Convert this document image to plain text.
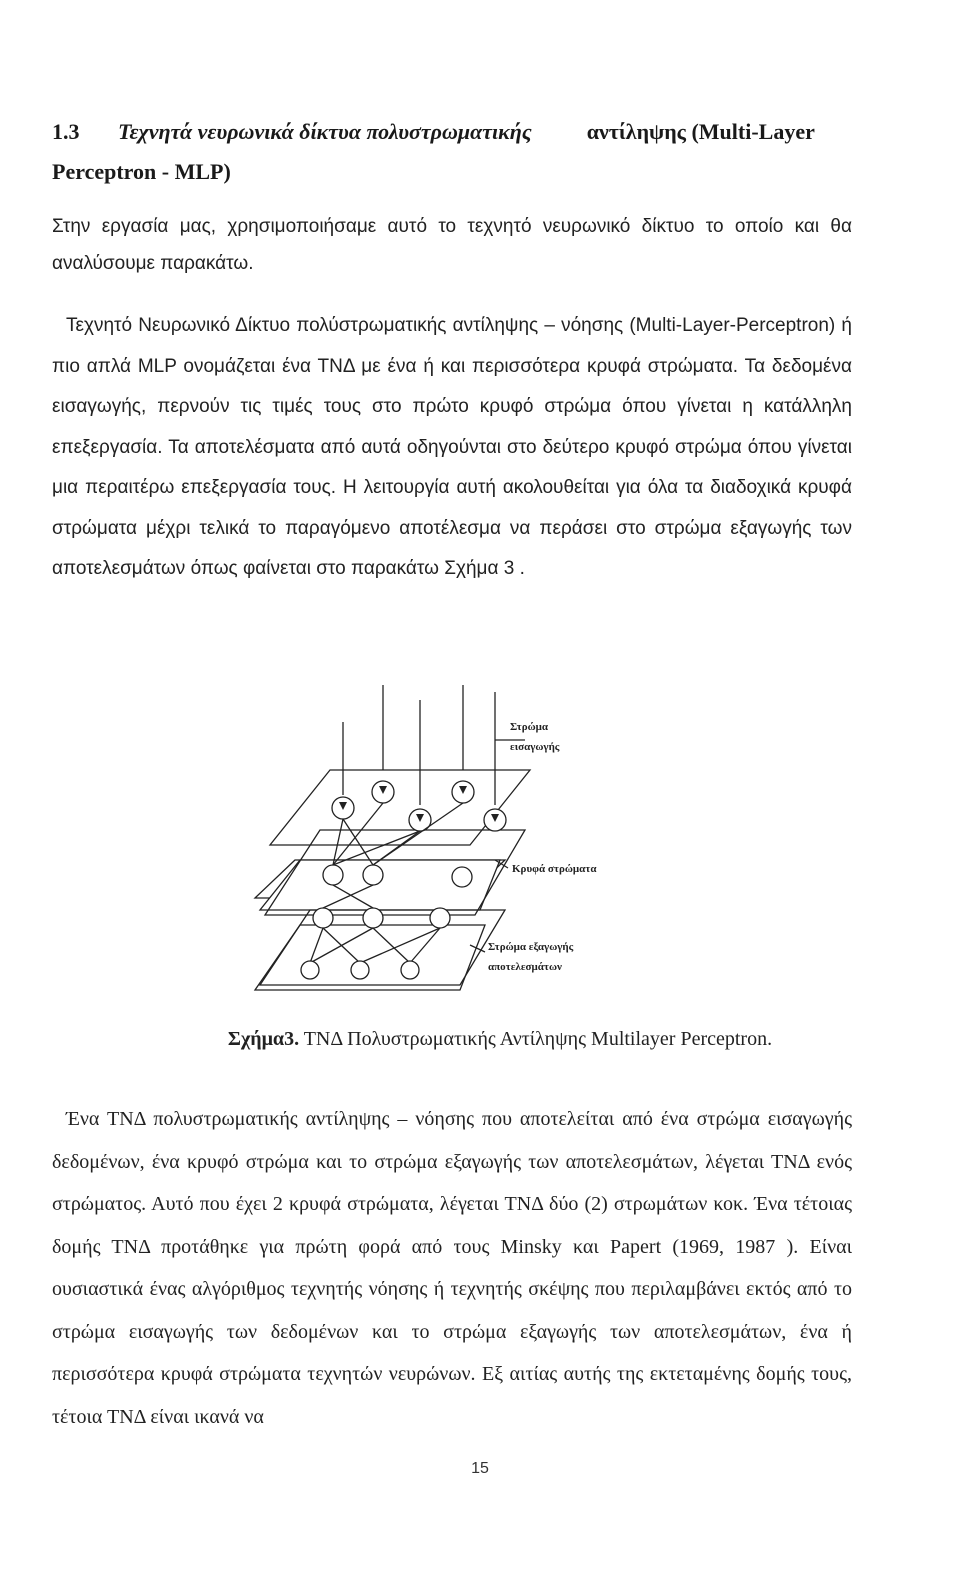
1.3 Τεχνητά νευρωνικά δίκτυα πολυστρωματικής	αντίληψης (Multi-Layer
Perceptron - MLP)
Στην εργασία μας, χρησιμοποιήσαμε αυτό το τεχνητό νευρωνικό δίκτυο το οποίο και θα αναλύσουμε παρακάτω.
Τεχνητό Νευρωνικό Δίκτυο πολύστρωματικής αντίληψης – νόησης (Multi-Layer-Perceptron) ή πιο απλά MLP ονομάζεται ένα ΤΝΔ με ένα ή και περισσότερα κρυφά στρώματα. Τα δεδομένα εισαγωγής, περνούν τις τιμές τους στο πρώτο κρυφό στρώμα όπου γίνεται η κατάλληλη επεξεργασία. Τα αποτελέσματα από αυτά οδηγούνται στο δεύτερο κρυφό στρώμα όπου γίνεται μια περαιτέρω επεξεργασία τους. Η λειτουργία αυτή ακολουθείται για όλα τα διαδοχικά κρυφά στρώματα μέχρι τελικά το παραγόμενο αποτέλεσμα να περάσει στο στρώμα εξαγωγής των αποτελεσμάτων όπως φαίνεται στο παρακάτω Σχήμα 3 .
Στρώμα
εισαγωγής
Κρυφά στρώματα
Στρώμα εξαγωγής
αποτελεσμάτων
Σχήμα3. ΤΝΔ Πολυστρωματικής Αντίληψης Multilayer Perceptron.
Ένα ΤΝΔ πολυστρωματικής αντίληψης – νόησης που αποτελείται από ένα στρώμα εισαγωγής δεδομένων, ένα κρυφό στρώμα και το στρώμα εξαγωγής των αποτελεσμάτων, λέγεται ΤΝΔ ενός στρώματος. Αυτό που έχει 2 κρυφά στρώματα, λέγεται ΤΝΔ δύο (2) στρωμάτων κοκ. Ένα τέτοιας δομής ΤΝΔ προτάθηκε για πρώτη φορά από τους Minsky και Papert (1969, 1987 ). Είναι ουσιαστικά ένας αλγόριθμος τεχνητής νόησης ή τεχνητής σκέψης που περιλαμβάνει εκτός από το στρώμα εισαγωγής των δεδομένων και το στρώμα εξαγωγής των αποτελεσμάτων, ένα ή περισσότερα κρυφά στρώματα τεχνητών νευρώνων. Εξ αιτίας αυτής της εκτεταμένης δομής τους, τέτοια ΤΝΔ είναι ικανά να
15
